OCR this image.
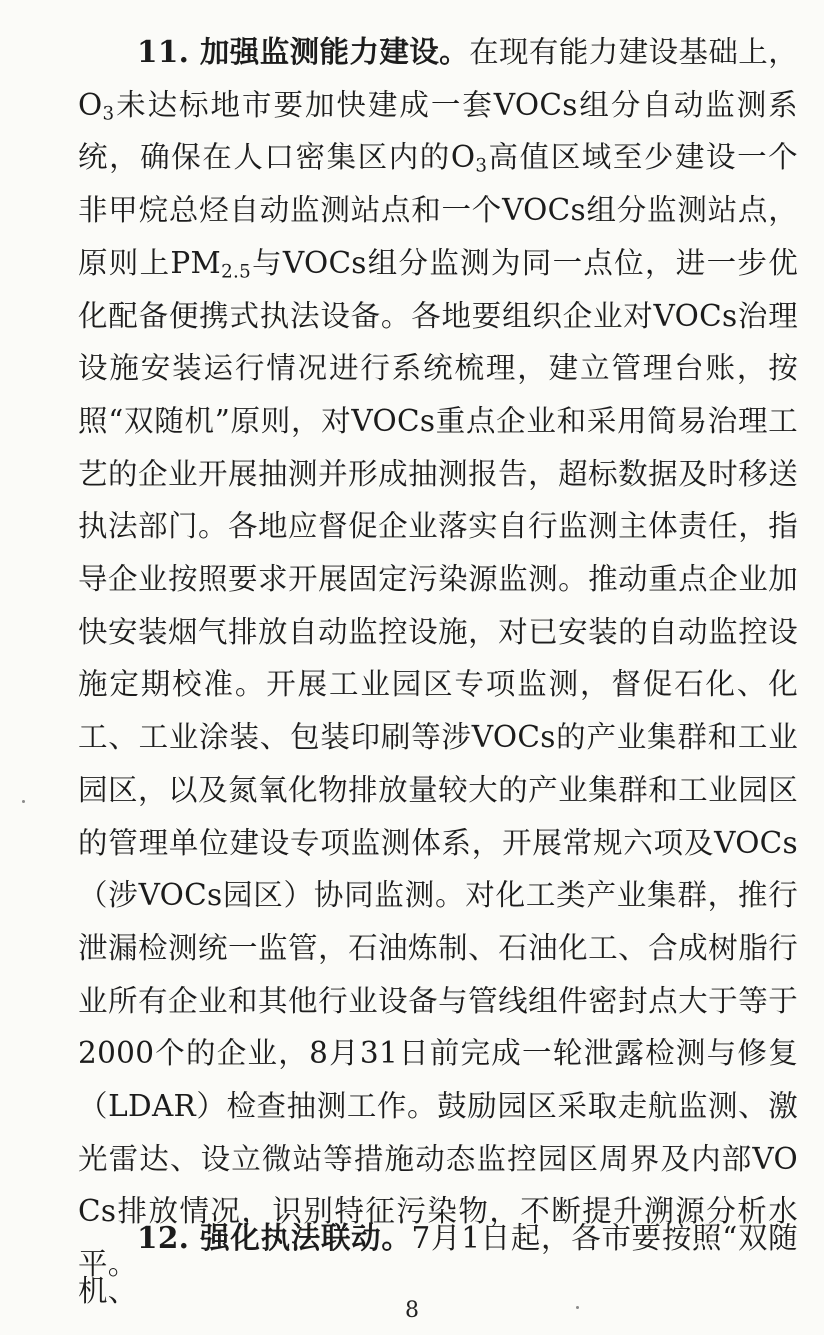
11. 加强监测能力建设。在现有能力建设基础上，$O_3$未达标地市要加快建成一套VOCs组分自动监测系统，确保在人口密集区内的$O_3$高值区域至少建设一个非甲烷总烃自动监测站点和一个VOCs组分监测站点，原则上$PM_{2.5}$与VOCs组分监测为同一点位，进一步优化配备便携式执法设备。各地要组织企业对VOCs治理设施安装运行情况进行系统梳理，建立管理台账，按照“双随机”原则，对VOCs重点企业和采用简易治理工艺的企业开展抽测并形成抽测报告，超标数据及时移送执法部门。各地应督促企业落实自行监测主体责任，指导企业按照要求开展固定污染源监测。推动重点企业加快安装烟气排放自动监控设施，对已安装的自动监控设施定期校准。开展工业园区专项监测，督促石化、化工、工业涂装、包装印刷等涉VOCs的产业集群和工业园区，以及氮氧化物排放量较大的产业集群和工业园区的管理单位建设专项监测体系，开展常规六项及VOCs（涉VOCs园区）协同监测。对化工类产业集群，推行泄漏检测统一监管，石油炼制、石油化工、合成树脂行业所有企业和其他行业设备与管线组件密封点大于等于2000个的企业，8月31日前完成一轮泄露检测与修复（LDAR）检查抽测工作。鼓励园区采取走航监测、激光雷达、设立微站等措施动态监控园区周界及内部VOCs排放情况，识别特征污染物，不断提升溯源分析水平。

12. 强化执法联动。7月1日起，各市要按照“双随机、

8
